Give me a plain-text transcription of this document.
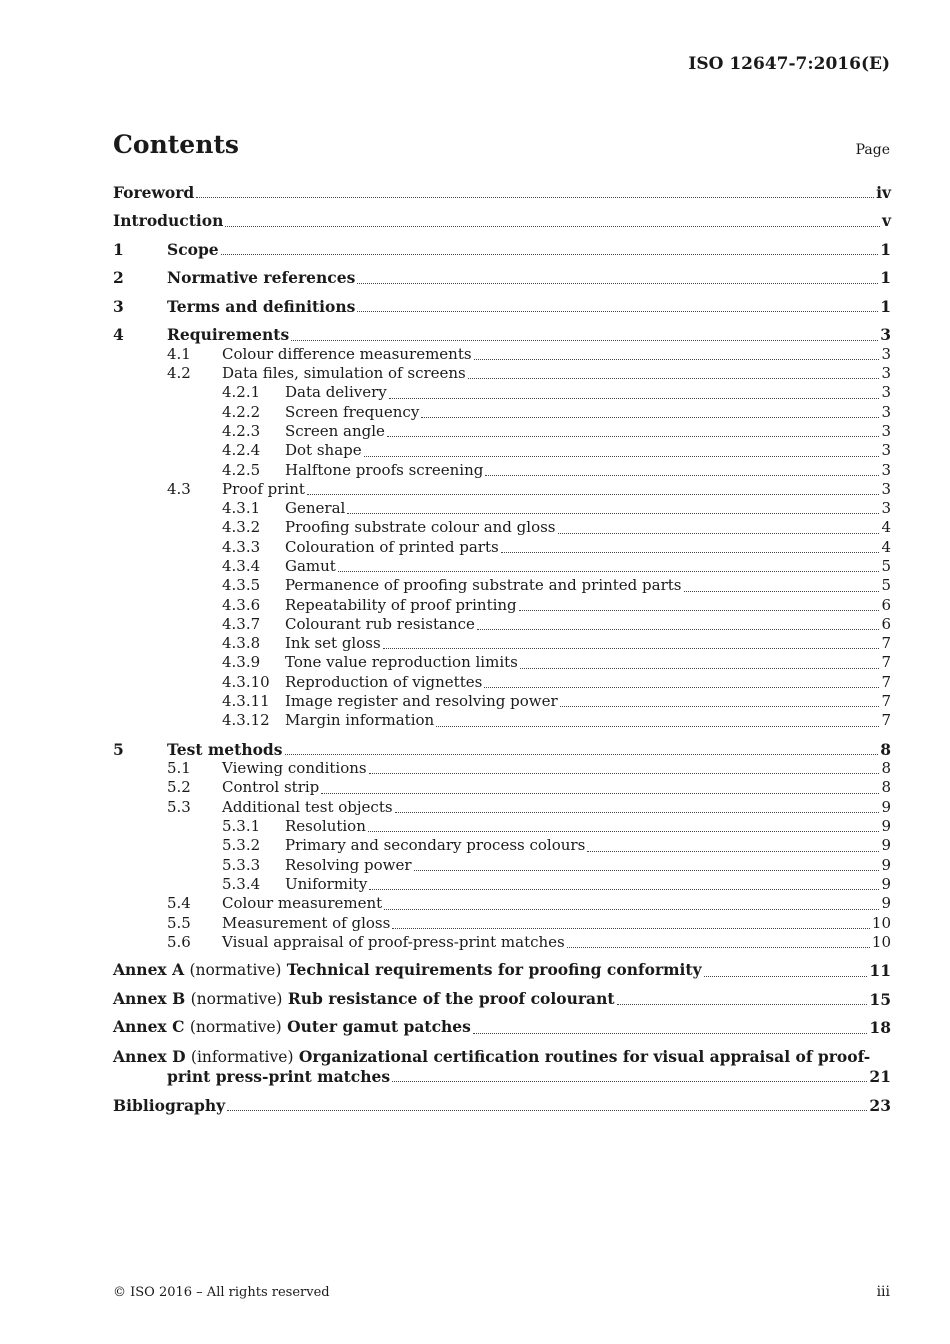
ISO 12647-7:2016(E)
Contents	Page
Foreword	iv
Introduction	v
1	Scope	1
2	Normative references	1
3	Terms and definitions	1
4	Requirements	3
4.1	Colour difference measurements	3
4.2	Data files, simulation of screens	3
4.2.1	Data delivery	3
4.2.2	Screen frequency	3
4.2.3	Screen angle	3
4.2.4	Dot shape	3
4.2.5	Halftone proofs screening	3
4.3	Proof print	3
4.3.1	General	3
4.3.2	Proofing substrate colour and gloss	4
4.3.3	Colouration of printed parts	4
4.3.4	Gamut	5
4.3.5	Permanence of proofing substrate and printed parts	5
4.3.6	Repeatability of proof printing	6
4.3.7	Colourant rub resistance	6
4.3.8	Ink set gloss	7
4.3.9	Tone value reproduction limits	7
4.3.10	Reproduction of vignettes	7
4.3.11	Image register and resolving power	7
4.3.12	Margin information	7
5	Test methods	8
5.1	Viewing conditions	8
5.2	Control strip	8
5.3	Additional test objects	9
5.3.1	Resolution	9
5.3.2	Primary and secondary process colours	9
5.3.3	Resolving power	9
5.3.4	Uniformity	9
5.4	Colour measurement	9
5.5	Measurement of gloss	10
5.6	Visual appraisal of proof-press-print matches	10
Annex A (normative) Technical requirements for proofing conformity	11
Annex B (normative) Rub resistance of the proof colourant	15
Annex C (normative) Outer gamut patches	18
Annex D (informative) Organizational certification routines for visual appraisal of proof-
print press-print matches	21
Bibliography	23
© ISO 2016 – All rights reserved	iii
